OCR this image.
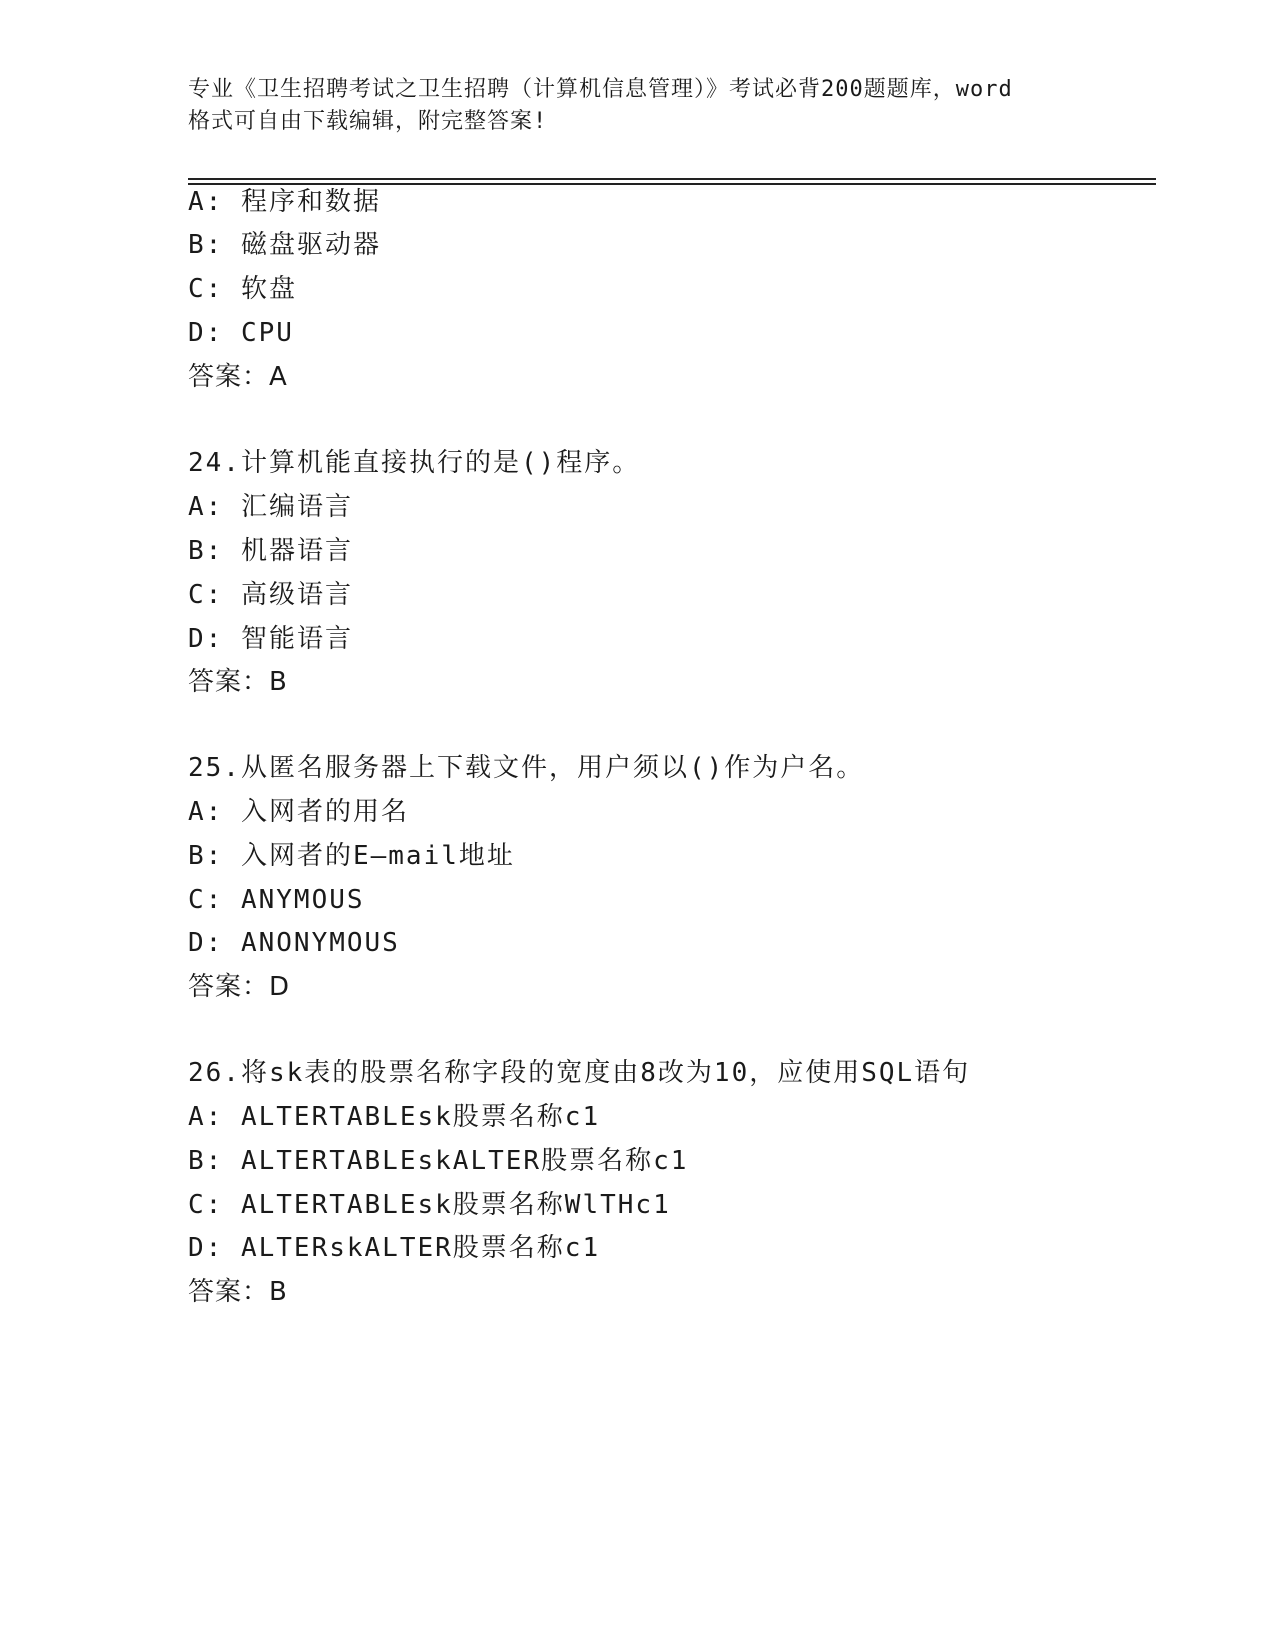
专业《卫生招聘考试之卫生招聘（计算机信息管理）》考试必背200题题库，word
格式可自由下载编辑，附完整答案!
A: 程序和数据
B: 磁盘驱动器
C: 软盘
D: CPU
答案：A
24.计算机能直接执行的是()程序。
A: 汇编语言
B: 机器语言
C: 高级语言
D: 智能语言
答案：B
25.从匿名服务器上下载文件，用户须以()作为户名。
A: 入网者的用名
B: 入网者的E—mail地址
C: ANYMOUS
D: ANONYMOUS
答案：D
26.将sk表的股票名称字段的宽度由8改为10，应使用SQL语句
A: ALTERTABLEsk股票名称c1
B: ALTERTABLEskALTER股票名称c1
C: ALTERTABLEsk股票名称WlTHc1
D: ALTERskALTER股票名称c1
答案：B
